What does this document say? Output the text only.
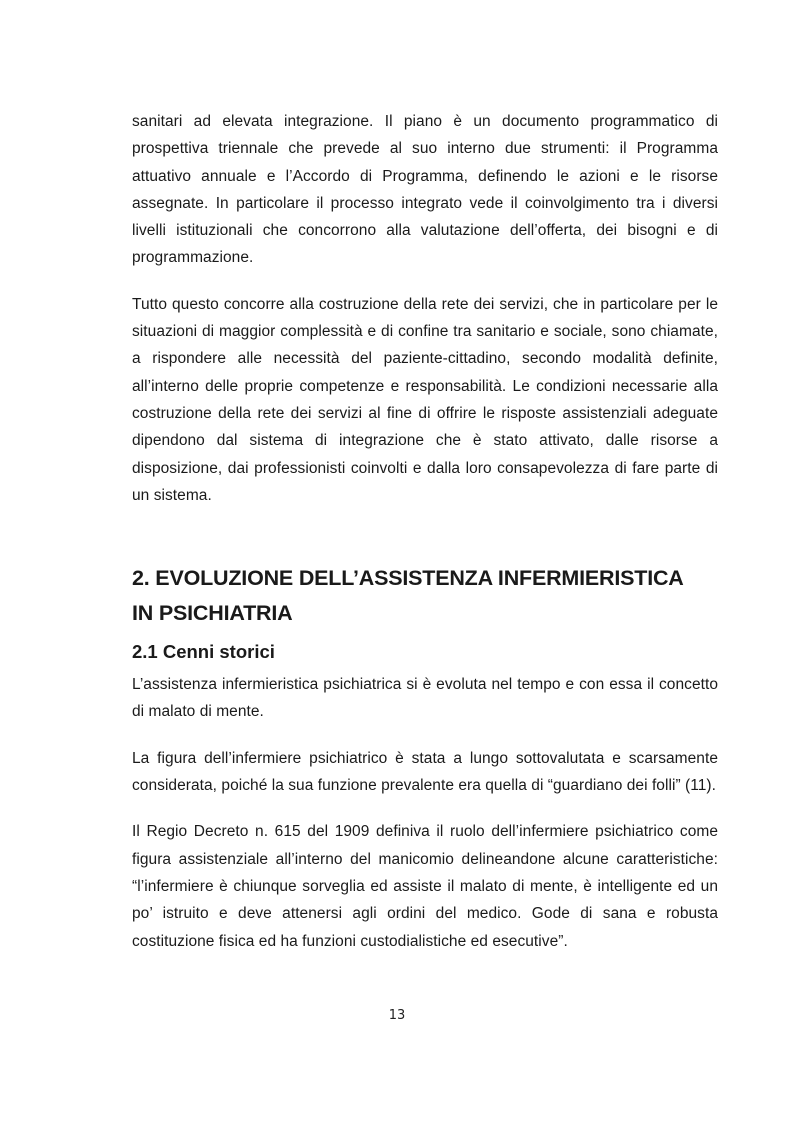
sanitari ad elevata integrazione. Il piano è un documento programmatico di prospettiva triennale che prevede al suo interno due strumenti: il Programma attuativo annuale e l’Accordo di Programma, definendo le azioni e le risorse assegnate. In particolare il processo integrato vede il coinvolgimento tra i diversi livelli istituzionali che concorrono alla valutazione dell’offerta, dei bisogni e di programmazione.

Tutto questo concorre alla costruzione della rete dei servizi, che in particolare per le situazioni di maggior complessità e di confine tra sanitario e sociale, sono chiamate, a rispondere alle necessità del paziente-cittadino, secondo modalità definite, all’interno delle proprie competenze e responsabilità. Le condizioni necessarie alla costruzione della rete dei servizi al fine di offrire le risposte assistenziali adeguate dipendono dal sistema di integrazione che è stato attivato, dalle risorse a disposizione, dai professionisti coinvolti e dalla loro consapevolezza di fare parte di un sistema.

2. EVOLUZIONE DELL’ASSISTENZA INFERMIERISTICA
IN PSICHIATRIA
2.1 Cenni storici

L’assistenza infermieristica psichiatrica si è evoluta nel tempo e con essa il concetto di malato di mente.

La figura dell’infermiere psichiatrico è stata a lungo sottovalutata e scarsamente considerata, poiché la sua funzione prevalente era quella di “guardiano dei folli” (11).

Il Regio Decreto n. 615 del 1909 definiva il ruolo dell’infermiere psichiatrico come figura assistenziale all’interno del manicomio delineandone alcune caratteristiche: “l’infermiere è chiunque sorveglia ed assiste il malato di mente, è intelligente ed un po’ istruito e deve attenersi agli ordini del medico. Gode di sana e robusta costituzione fisica ed ha funzioni custodialistiche ed esecutive”.

13
